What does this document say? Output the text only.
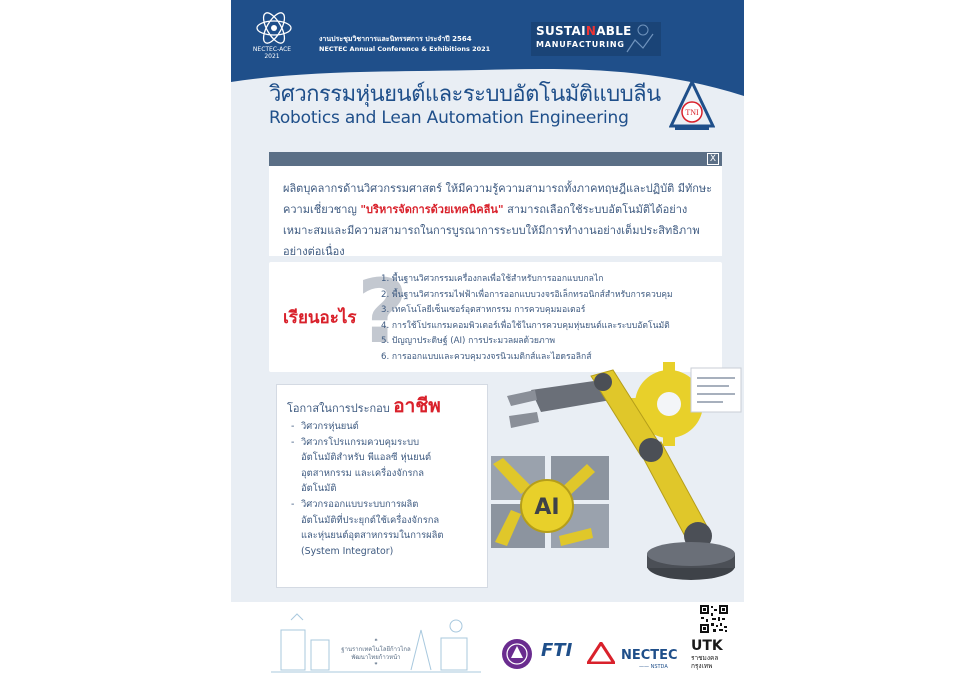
NECTEC-ACE 2021
งานประชุมวิชาการและนิทรรศการ ประจำปี 2564
NECTEC Annual Conference & Exhibitions 2021
SUSTAINABLE
MANUFACTURING
วิศวกรรมหุ่นยนต์และระบบอัตโนมัติแบบลีน
Robotics and Lean Automation Engineering	TNI
X
ผลิตบุคลากรด้านวิศวกรรมศาสตร์ ให้มีความรู้ความสามารถทั้งภาคทฤษฎีและปฏิบัติ มีทักษะความเชี่ยวชาญ "บริหารจัดการด้วยเทคนิคลีน" สามารถเลือกใช้ระบบอัตโนมัติได้อย่างเหมาะสมและมีความสามารถในการบูรณาการระบบให้มีการทำงานอย่างเต็มประสิทธิภาพอย่างต่อเนื่อง
?
เรียนอะไร
1. พื้นฐานวิศวกรรมเครื่องกลเพื่อใช้สำหรับการออกแบบกลไก
2. พื้นฐานวิศวกรรมไฟฟ้าเพื่อการออกแบบวงจรอิเล็กทรอนิกส์สำหรับการควบคุม
3. เทคโนโลยีเซ็นเซอร์อุตสาหกรรม การควบคุมมอเตอร์
4. การใช้โปรแกรมคอมพิวเตอร์เพื่อใช้ในการควบคุมหุ่นยนต์และระบบอัตโนมัติ
5. ปัญญาประดิษฐ์ (AI) การประมวลผลด้วยภาพ
6. การออกแบบและควบคุมวงจรนิวเมติกส์และไฮดรอลิกส์
โอกาสในการประกอบ อาชีพ
- วิศวกรหุ่นยนต์
- วิศวกรโปรแกรมควบคุมระบบ
อัตโนมัติสำหรับ พีแอลซี หุ่นยนต์
อุตสาหกรรม และเครื่องจักรกล
อัตโนมัติ
- วิศวกรออกแบบระบบการผลิต
อัตโนมัติที่ประยุกต์ใช้เครื่องจักรกล
และหุ่นยนต์อุตสาหกรรมในการผลิต
(System Integrator)
AI
❝
ฐานรากเทคโนโลยีก้าวไกล
พัฒนาไทยก้าวหน้า
❞
FTI	NECTEC
—— NSTDA
UTK
ราชมงคล
กรุงเทพ
